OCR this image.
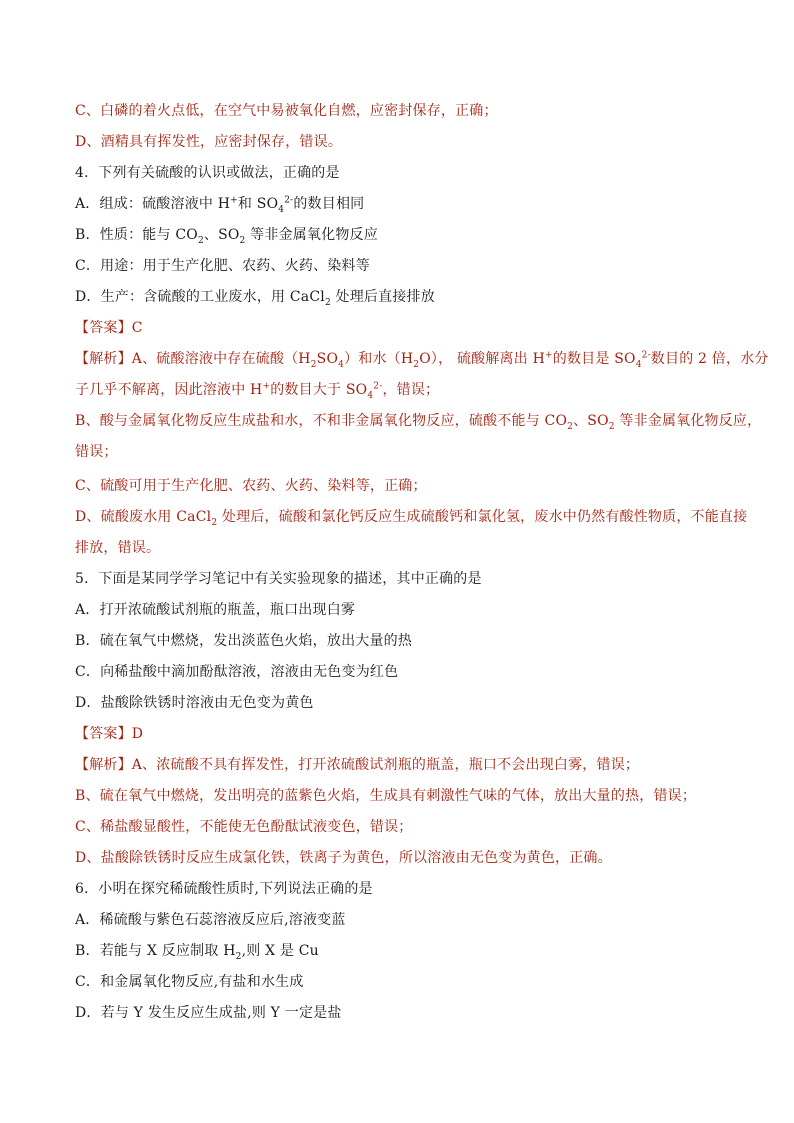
C、白磷的着火点低，在空气中易被氧化自燃，应密封保存，正确；
D、酒精具有挥发性，应密封保存，错误。
4．下列有关硫酸的认识或做法，正确的是
A．组成：硫酸溶液中 H+和 $SO_4^{2-}$的数目相同
B．性质：能与 $CO_2$、$SO_2$ 等非金属氧化物反应
C．用途：用于生产化肥、农药、火药、染料等
D．生产：含硫酸的工业废水，用 CaCl$_2$ 处理后直接排放
【答案】C
【解析】A、硫酸溶液中存在硫酸$(H_2SO_4)$和水$(H_2O)$， 硫酸解离出 H+的数目是 $SO_4^{2-}$数目的 2 倍，水分
子几乎不解离，因此溶液中 H+的数目大于 $SO_4^{2-}$，错误；
B、酸与金属氧化物反应生成盐和水，不和非金属氧化物反应，硫酸不能与 $CO_2$、$SO_2$ 等非金属氧化物反应，
错误；
C、硫酸可用于生产化肥、农药、火药、染料等，正确；
D、硫酸废水用 CaCl$_2$ 处理后，硫酸和氯化钙反应生成硫酸钙和氯化氢，废水中仍然有酸性物质，不能直接
排放，错误。
5．下面是某同学学习笔记中有关实验现象的描述，其中正确的是
A．打开浓硫酸试剂瓶的瓶盖，瓶口出现白雾
B．硫在氧气中燃烧，发出淡蓝色火焰，放出大量的热
C．向稀盐酸中滴加酚酞溶液，溶液由无色变为红色
D．盐酸除铁锈时溶液由无色变为黄色
【答案】D
【解析】A、浓硫酸不具有挥发性，打开浓硫酸试剂瓶的瓶盖，瓶口不会出现白雾，错误；
B、硫在氧气中燃烧，发出明亮的蓝紫色火焰，生成具有刺激性气味的气体，放出大量的热，错误；
C、稀盐酸显酸性，不能使无色酚酞试液变色，错误；
D、盐酸除铁锈时反应生成氯化铁，铁离子为黄色，所以溶液由无色变为黄色，正确。
6．小明在探究稀硫酸性质时,下列说法正确的是
A．稀硫酸与紫色石蕊溶液反应后,溶液变蓝
B．若能与 X 反应制取 $H_2$,则 X 是 Cu
C．和金属氧化物反应,有盐和水生成
D．若与 Y 发生反应生成盐,则 Y 一定是盐
